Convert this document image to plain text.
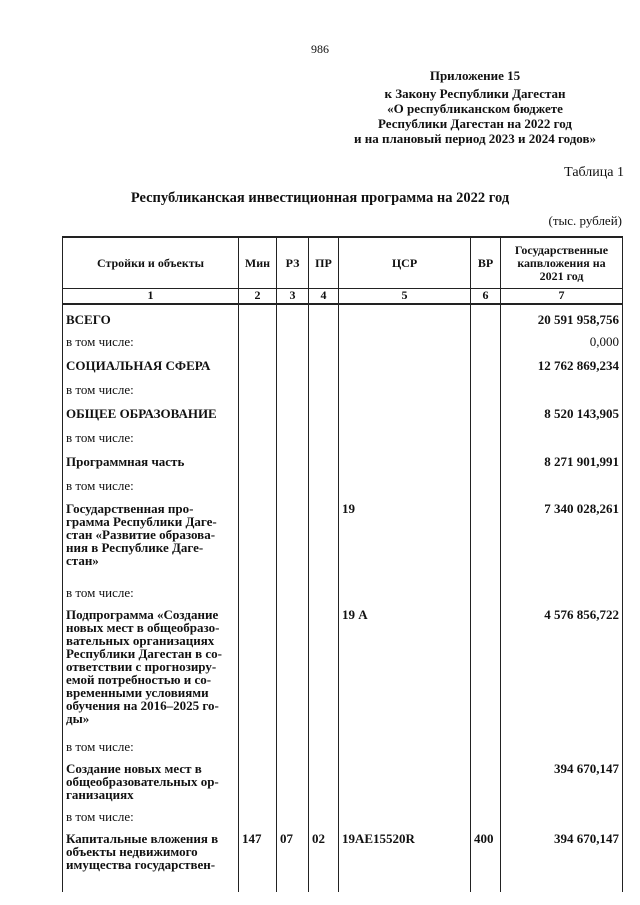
986
Приложение 15
к Закону Республики Дагестан
«О республиканском бюджете
Республики Дагестан на 2022 год
и на плановый период 2023 и 2024 годов»
Таблица 1
Республиканская инвестиционная программа на 2022 год
(тыс. рублей)
Стройки и объекты	Мин	РЗ	ПР	ЦСР	ВР	Государственные капвложения на 2021 год
1	2	3	4	5	6	7
ВСЕГО						20 591 958,756
в том числе:						0,000
СОЦИАЛЬНАЯ СФЕРА						12 762 869,234
в том числе:						
ОБЩЕЕ ОБРАЗОВАНИЕ						8 520 143,905
в том числе:						
Программная часть						8 271 901,991
в том числе:						
Государственная про-грамма Республики Даге-стан «Развитие образова-ния в Республике Даге-стан»				19		7 340 028,261
в том числе:						
Подпрограмма «Создание новых мест в общеобразо-вательных организациях Республики Дагестан в со-ответствии с прогнозиру-емой потребностью и со-временными условиями обучения на 2016–2025 го-ды»				19 А		4 576 856,722
в том числе:						
Создание новых мест в общеобразовательных ор-ганизациях						394 670,147
в том числе:						
Капитальные вложения в объекты недвижимого имущества государствен-	147	07	02	19АЕ15520R	400	394 670,147
